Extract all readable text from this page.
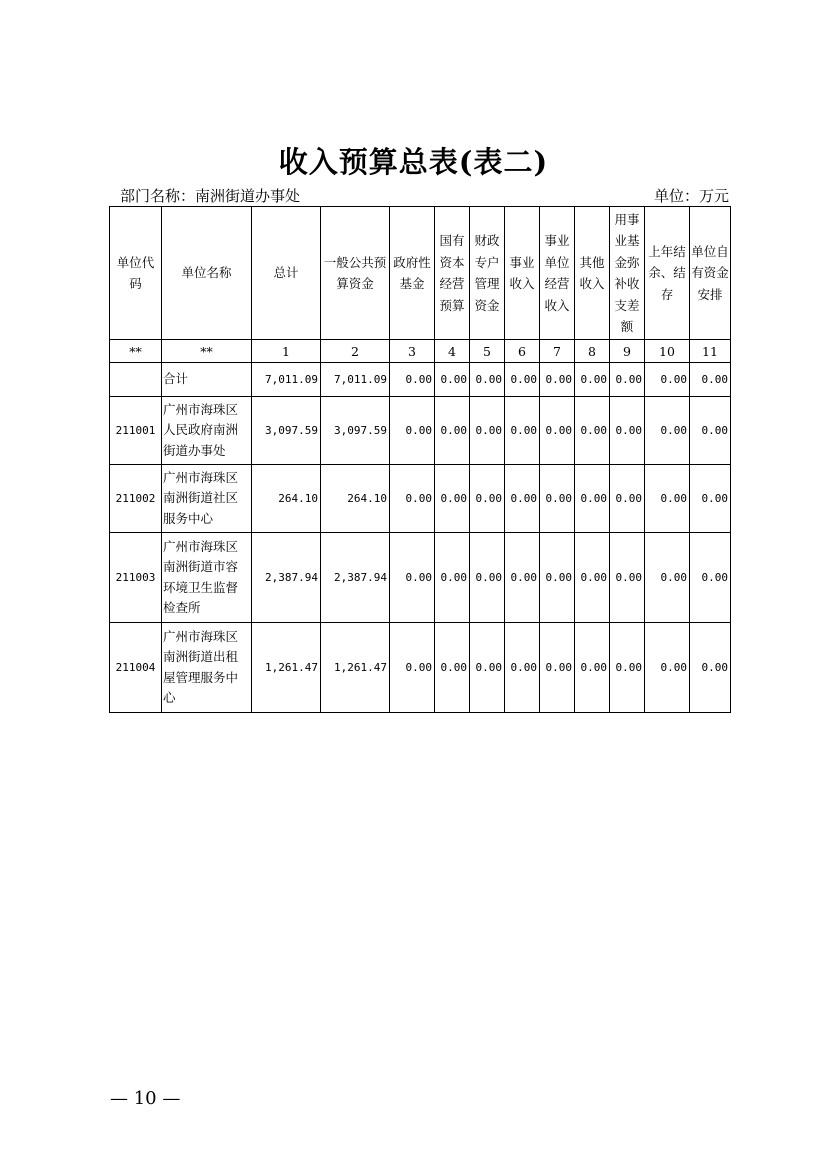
收入预算总表(表二)
部门名称：南洲街道办事处	单位：万元
单位代码	单位名称	总计	一般公共预算资金	政府性基金	国有资本经营预算	财政专户管理资金	事业收入	事业单位经营收入	其他收入	用事业基金弥补收支差额	上年结余、结存	单位自有资金安排
**	**	1	2	3	4	5	6	7	8	9	10	11
	合计	7,011.09	7,011.09	0.00	0.00	0.00	0.00	0.00	0.00	0.00	0.00	0.00
211001	广州市海珠区人民政府南洲街道办事处	3,097.59	3,097.59	0.00	0.00	0.00	0.00	0.00	0.00	0.00	0.00	0.00
211002	广州市海珠区南洲街道社区服务中心	264.10	264.10	0.00	0.00	0.00	0.00	0.00	0.00	0.00	0.00	0.00
211003	广州市海珠区南洲街道市容环境卫生监督检查所	2,387.94	2,387.94	0.00	0.00	0.00	0.00	0.00	0.00	0.00	0.00	0.00
211004	广州市海珠区南洲街道出租屋管理服务中心	1,261.47	1,261.47	0.00	0.00	0.00	0.00	0.00	0.00	0.00	0.00	0.00
— 10 —
